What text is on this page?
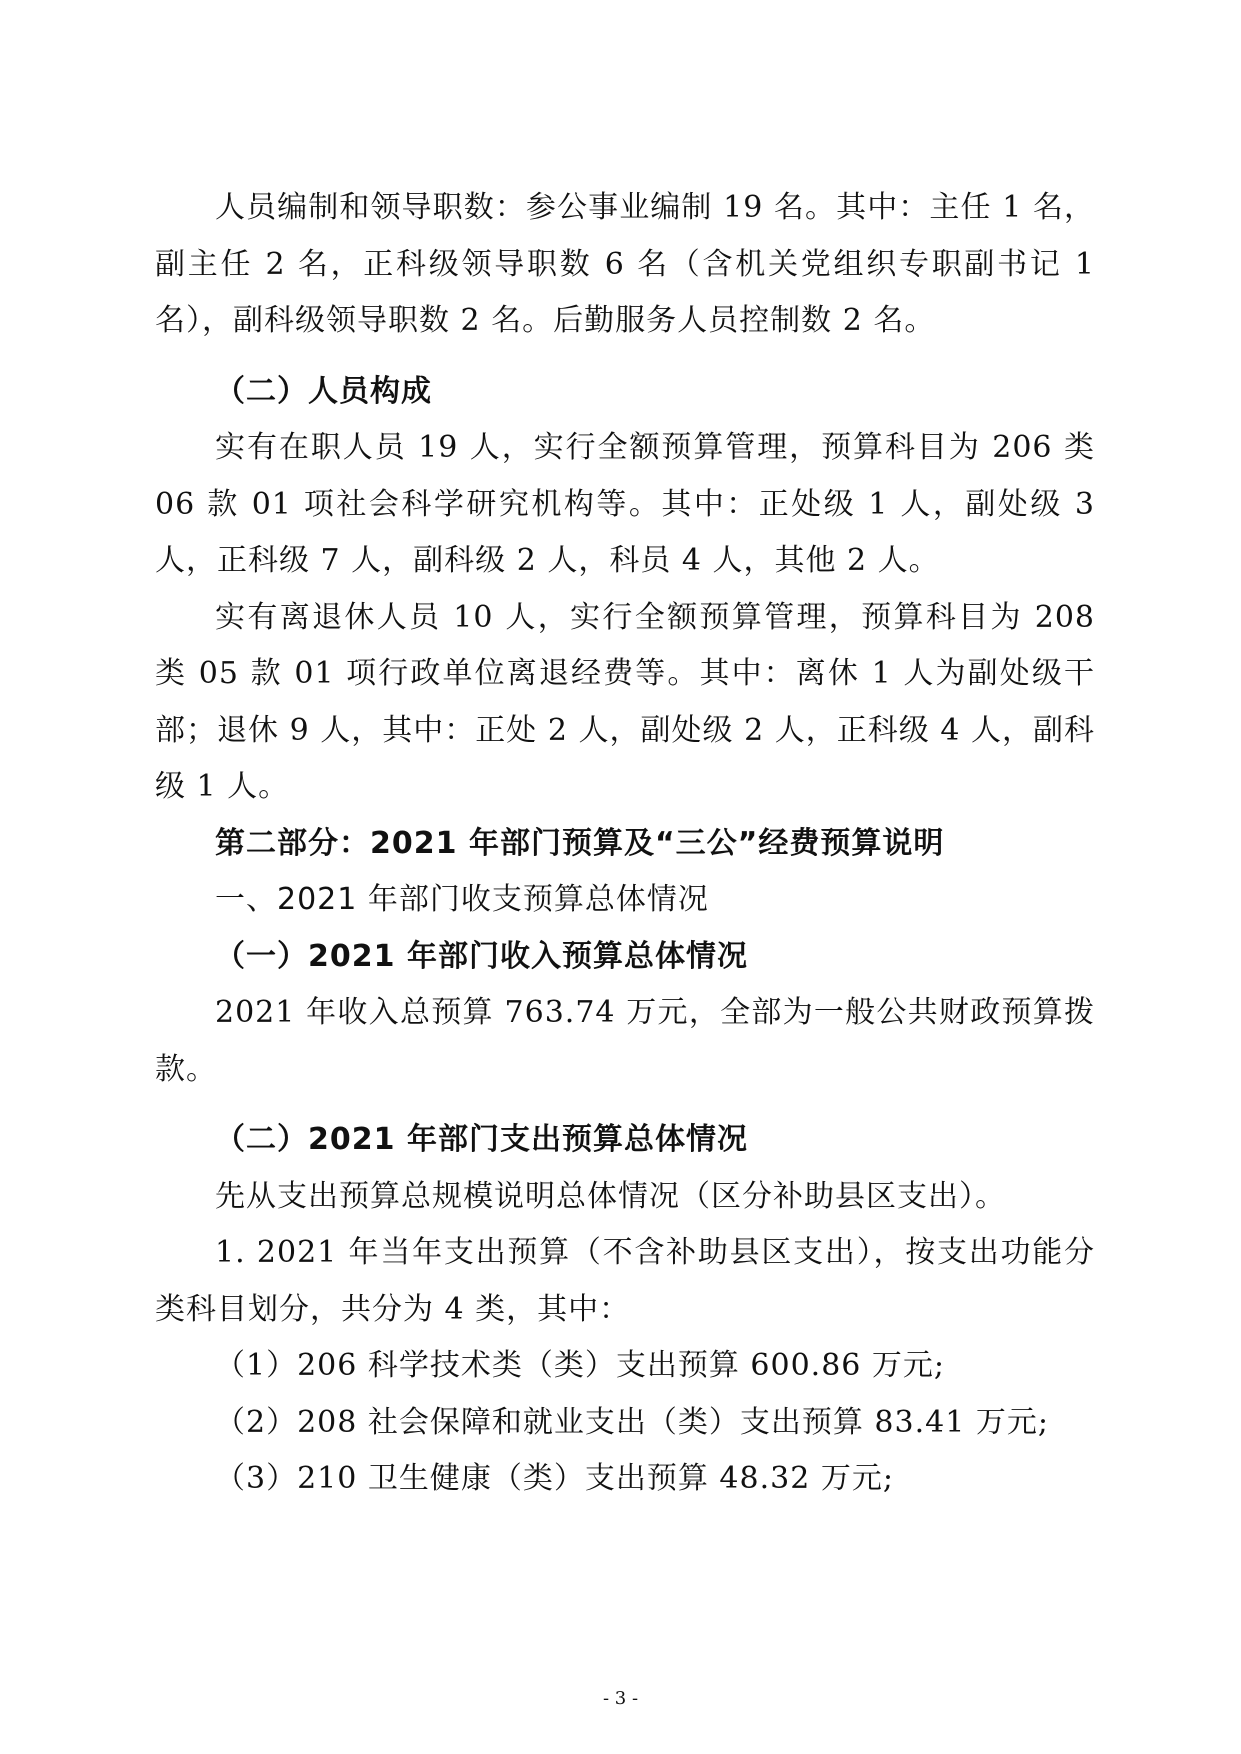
人员编制和领导职数：参公事业编制 19 名。其中：主任 1 名，副主任 2 名，正科级领导职数 6 名（含机关党组织专职副书记 1 名），副科级领导职数 2 名。后勤服务人员控制数 2 名。

（二）人员构成

实有在职人员 19 人，实行全额预算管理，预算科目为 206 类 06 款 01 项社会科学研究机构等。其中：正处级 1 人，副处级 3 人，正科级 7 人，副科级 2 人，科员 4 人，其他 2 人。

实有离退休人员 10 人，实行全额预算管理，预算科目为 208 类 05 款 01 项行政单位离退经费等。其中：离休 1 人为副处级干部；退休 9 人，其中：正处 2 人，副处级 2 人，正科级 4 人，副科级 1 人。

第二部分：2021 年部门预算及“三公”经费预算说明

一、2021 年部门收支预算总体情况

（一）2021 年部门收入预算总体情况

2021 年收入总预算 763.74 万元，全部为一般公共财政预算拨款。

（二）2021 年部门支出预算总体情况

先从支出预算总规模说明总体情况（区分补助县区支出）。

1. 2021 年当年支出预算（不含补助县区支出），按支出功能分类科目划分，共分为 4 类，其中：

（1）206 科学技术类（类）支出预算 600.86 万元;

（2）208 社会保障和就业支出（类）支出预算 83.41 万元;

（3）210 卫生健康（类）支出预算 48.32 万元;

- 3 -
